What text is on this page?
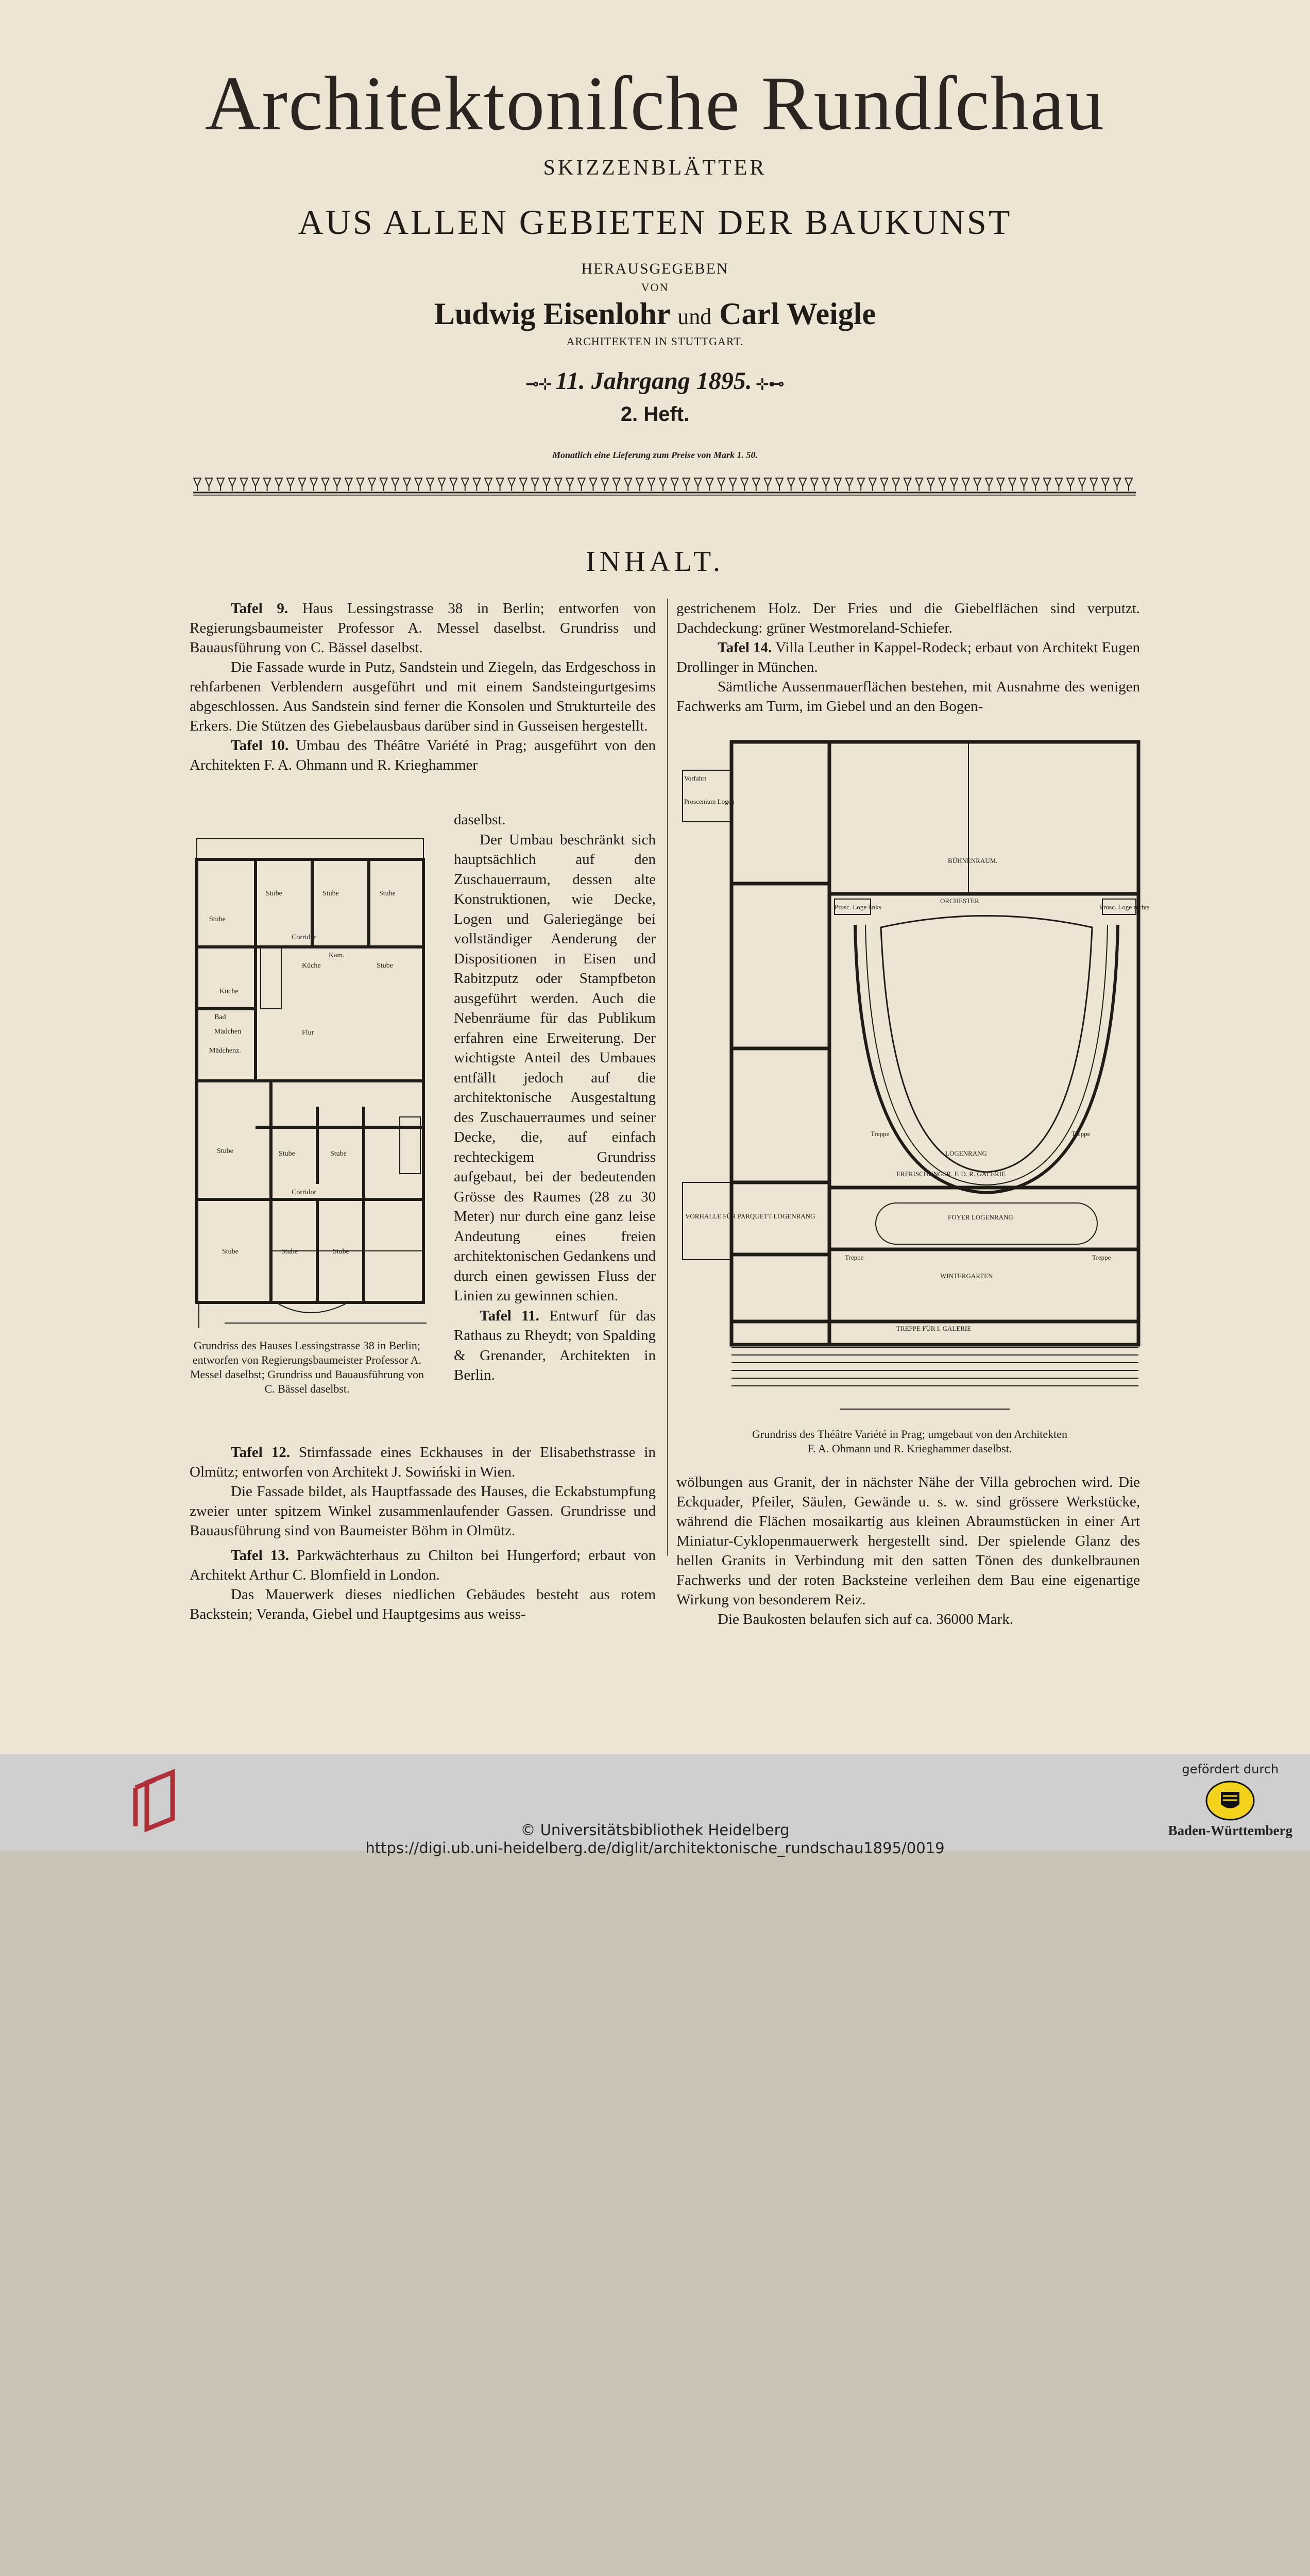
Architektoniſche Rundſchau
SKIZZENBLÄTTER
AUS ALLEN GEBIETEN DER BAUKUNST
HERAUSGEGEBEN
VON
Ludwig Eisenlohr und Carl Weigle
ARCHITEKTEN IN STUTTGART.
⊸⊹ 11. Jahrgang 1895. ⊹⊷
2. Heft.
Monatlich eine Lieferung zum Preise von Mark 1. 50.
INHALT.

Tafel 9. Haus Lessingstrasse 38 in Berlin; entworfen von Regierungsbaumeister Professor A. Messel daselbst. Grundriss und Bauausführung von C. Bässel daselbst.

Die Fassade wurde in Putz, Sandstein und Ziegeln, das Erdgeschoss in rehfarbenen Verblendern ausgeführt und mit einem Sandsteingurtgesims abgeschlossen. Aus Sandstein sind ferner die Konsolen und Strukturteile des Erkers. Die Stützen des Giebelausbaus darüber sind in Gusseisen hergestellt.

Tafel 10. Umbau des Théâtre Variété in Prag; ausgeführt von den Architekten F. A. Ohmann und R. Krieghammer

daselbst.

Der Umbau beschränkt sich hauptsächlich auf den Zuschauerraum, dessen alte Konstruktionen, wie Decke, Logen und Galeriegänge bei vollständiger Aenderung der Dispositionen in Eisen und Rabitzputz oder Stampfbeton ausgeführt werden. Auch die Nebenräume für das Publikum erfahren eine Erweiterung. Der wichtigste Anteil des Umbaues entfällt jedoch auf die architektonische Ausgestaltung des Zuschauerraumes und seiner Decke, die, auf einfach rechteckigem Grundriss aufgebaut, bei der bedeutenden Grösse des Raumes (28 zu 30 Meter) nur durch eine ganz leise Andeutung eines freien architektonischen Gedankens und durch einen gewissen Fluss der Linien zu gewinnen schien.

Tafel 11. Entwurf für das Rathaus zu Rheydt; von Spalding & Grenander, Architekten in Berlin.

Stube
Stube	Stube	Stube
Corridor
Küche
Kam.
Stube
Küche
Bad
Mädchen
Mädchenz.
Flur
Stube	Stube	Stube
Corridor
Stube	Stube	Stube
Grundriss des Hauses Lessingstrasse 38 in Berlin; entworfen von Regierungsbaumeister Professor A. Messel daselbst; Grundriss und Bauausführung von C. Bässel daselbst.

Tafel 12. Stirnfassade eines Eckhauses in der Elisabethstrasse in Olmütz; entworfen von Architekt J. Sowiński in Wien.

Die Fassade bildet, als Hauptfassade des Hauses, die Eckabstumpfung zweier unter spitzem Winkel zusammenlaufender Gassen. Grundrisse und Bauausführung sind von Baumeister Böhm in Olmütz.

Tafel 13. Parkwächterhaus zu Chilton bei Hungerford; erbaut von Architekt Arthur C. Blomfield in London.

Das Mauerwerk dieses niedlichen Gebäudes besteht aus rotem Backstein; Veranda, Giebel und Hauptgesims aus weiss-

gestrichenem Holz. Der Fries und die Giebelflächen sind verputzt. Dachdeckung: grüner Westmoreland-Schiefer.

Tafel 14. Villa Leuther in Kappel-Rodeck; erbaut von Architekt Eugen Drollinger in München.

Sämtliche Aussenmauerflächen bestehen, mit Ausnahme des wenigen Fachwerks am Turm, im Giebel und an den Bogen-

Vorfahrt
Proscenium Logen
BÜHNENRAUM.
ORCHESTER
Prosc. Loge links	Prosc. Loge rechts
Treppe	Treppe
LOGENRANG
ERFRISCHUNGSR. F. D. R. GALERIE
FOYER LOGENRANG
VORHALLE FÜR PARQUETT LOGENRANG
WINTERGARTEN
Treppe	Treppe
TREPPE FÜR I. GALERIE
Grundriss des Théâtre Variété in Prag; umgebaut von den Architekten
F. A. Ohmann und R. Krieghammer daselbst.

wölbungen aus Granit, der in nächster Nähe der Villa gebrochen wird. Die Eckquader, Pfeiler, Säulen, Gewände u. s. w. sind grössere Werkstücke, während die Flächen mosaikartig aus kleinen Abraumstücken in einer Art Miniatur-Cyklopenmauerwerk hergestellt sind. Der spielende Glanz des hellen Granits in Verbindung mit den satten Tönen des dunkelbraunen Fachwerks und der roten Backsteine verleihen dem Bau eine eigenartige Wirkung von besonderem Reiz.

Die Baukosten belaufen sich auf ca. 36000 Mark.

© Universitätsbibliothek Heidelberg
https://digi.ub.uni-heidelberg.de/diglit/architektonische_rundschau1895/0019
gefördert durch
Baden-Württemberg
